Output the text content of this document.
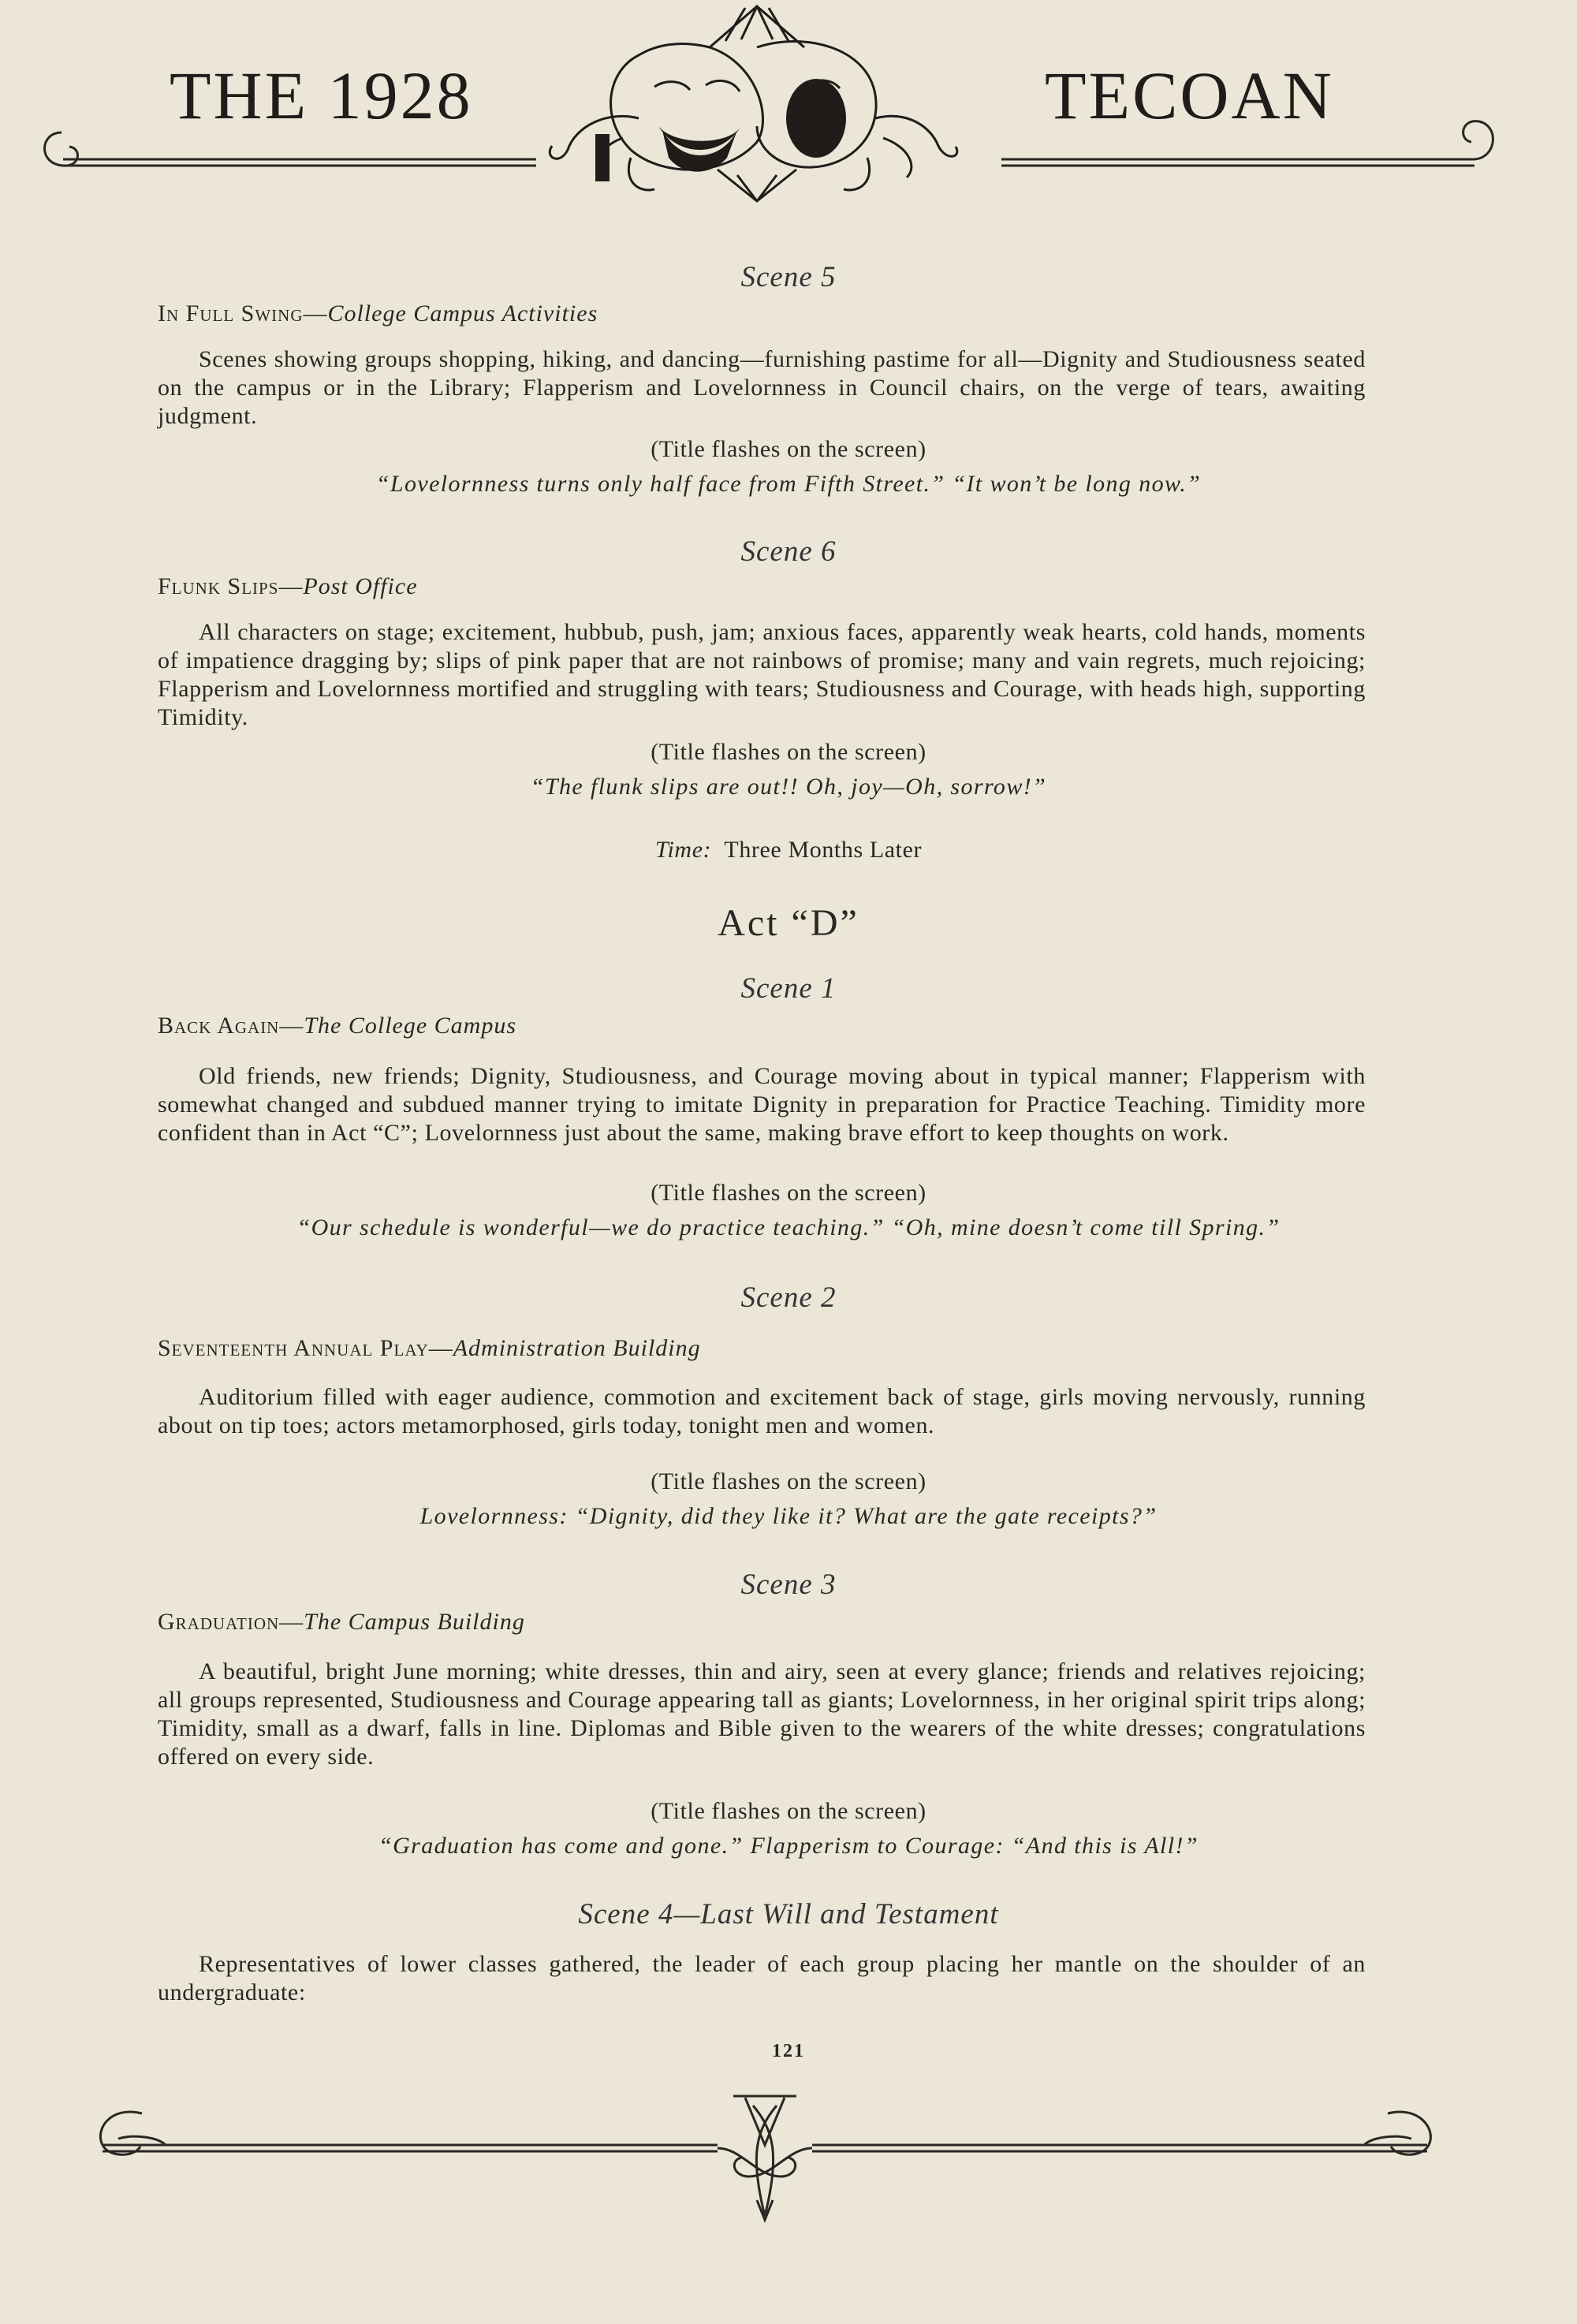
THE 1928	TECOAN
Scene 5
In Full Swing—College Campus Activities

Scenes showing groups shopping, hiking, and dancing—furnishing pastime for all—Dignity and Studiousness seated on the campus or in the Library; Flapperism and Lovelornness in Council chairs, on the verge of tears, awaiting judgment.

(Title flashes on the screen)
“Lovelornness turns only half face from Fifth Street.” “It won’t be long now.”
Scene 6
Flunk Slips—Post Office

All characters on stage; excitement, hubbub, push, jam; anxious faces, apparently weak hearts, cold hands, moments of impatience dragging by; slips of pink paper that are not rainbows of promise; many and vain regrets, much rejoicing; Flapperism and Lovelornness mortified and struggling with tears; Studiousness and Courage, with heads high, supporting Timidity.

(Title flashes on the screen)
“The flunk slips are out!! Oh, joy—Oh, sorrow!”
Time: Three Months Later
Act “D”
Scene 1
Back Again—The College Campus

Old friends, new friends; Dignity, Studiousness, and Courage moving about in typical manner; Flapperism with somewhat changed and subdued manner trying to imitate Dignity in preparation for Practice Teaching. Timidity more confident than in Act “C”; Lovelornness just about the same, making brave effort to keep thoughts on work.

(Title flashes on the screen)
“Our schedule is wonderful—we do practice teaching.” “Oh, mine doesn’t come till Spring.”
Scene 2
Seventeenth Annual Play—Administration Building

Auditorium filled with eager audience, commotion and excitement back of stage, girls moving nervously, running about on tip toes; actors metamorphosed, girls today, tonight men and women.

(Title flashes on the screen)
Lovelornness: “Dignity, did they like it? What are the gate receipts?”
Scene 3
Graduation—The Campus Building

A beautiful, bright June morning; white dresses, thin and airy, seen at every glance; friends and relatives rejoicing; all groups represented, Studiousness and Courage appearing tall as giants; Lovelornness, in her original spirit trips along; Timidity, small as a dwarf, falls in line. Diplomas and Bible given to the wearers of the white dresses; congratulations offered on every side.

(Title flashes on the screen)
“Graduation has come and gone.” Flapperism to Courage: “And this is All!”
Scene 4—Last Will and Testament

Representatives of lower classes gathered, the leader of each group placing her mantle on the shoulder of an undergraduate:

121
